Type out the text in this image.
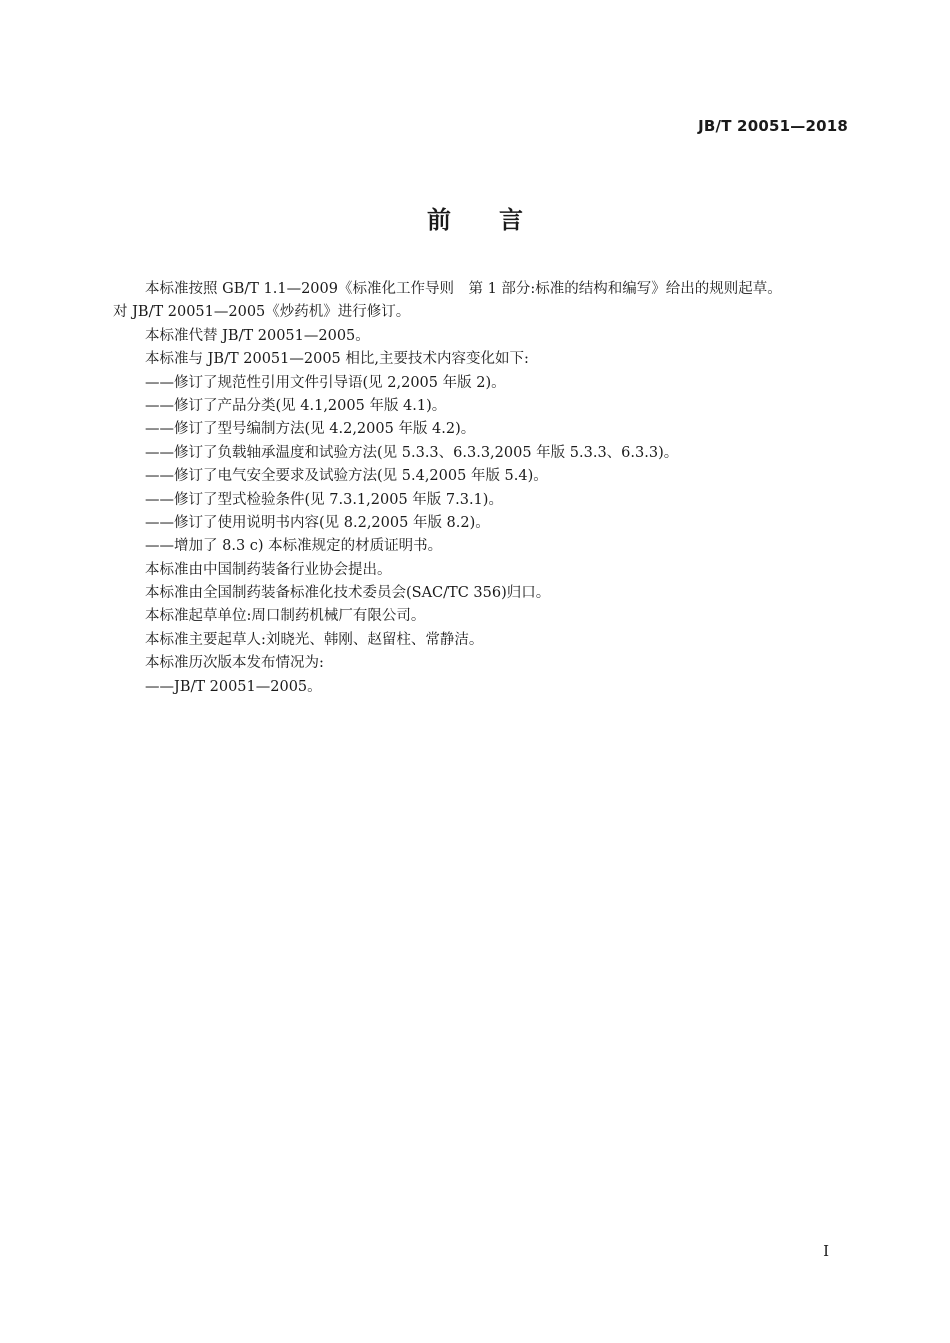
JB/T 20051—2018
前言

本标准按照 GB/T 1.1—2009《标准化工作导则　第 1 部分:标准的结构和编写》给出的规则起草。

对 JB/T 20051—2005《炒药机》进行修订。

本标准代替 JB/T 20051—2005。

本标准与 JB/T 20051—2005 相比,主要技术内容变化如下:

——修订了规范性引用文件引导语(见 2,2005 年版 2)。

——修订了产品分类(见 4.1,2005 年版 4.1)。

——修订了型号编制方法(见 4.2,2005 年版 4.2)。

——修订了负载轴承温度和试验方法(见 5.3.3、6.3.3,2005 年版 5.3.3、6.3.3)。

——修订了电气安全要求及试验方法(见 5.4,2005 年版 5.4)。

——修订了型式检验条件(见 7.3.1,2005 年版 7.3.1)。

——修订了使用说明书内容(见 8.2,2005 年版 8.2)。

——增加了 8.3 c) 本标准规定的材质证明书。

本标准由中国制药装备行业协会提出。

本标准由全国制药装备标准化技术委员会(SAC/TC 356)归口。

本标准起草单位:周口制药机械厂有限公司。

本标准主要起草人:刘晓光、韩刚、赵留柱、常静洁。

本标准历次版本发布情况为:

——JB/T 20051—2005。

I
